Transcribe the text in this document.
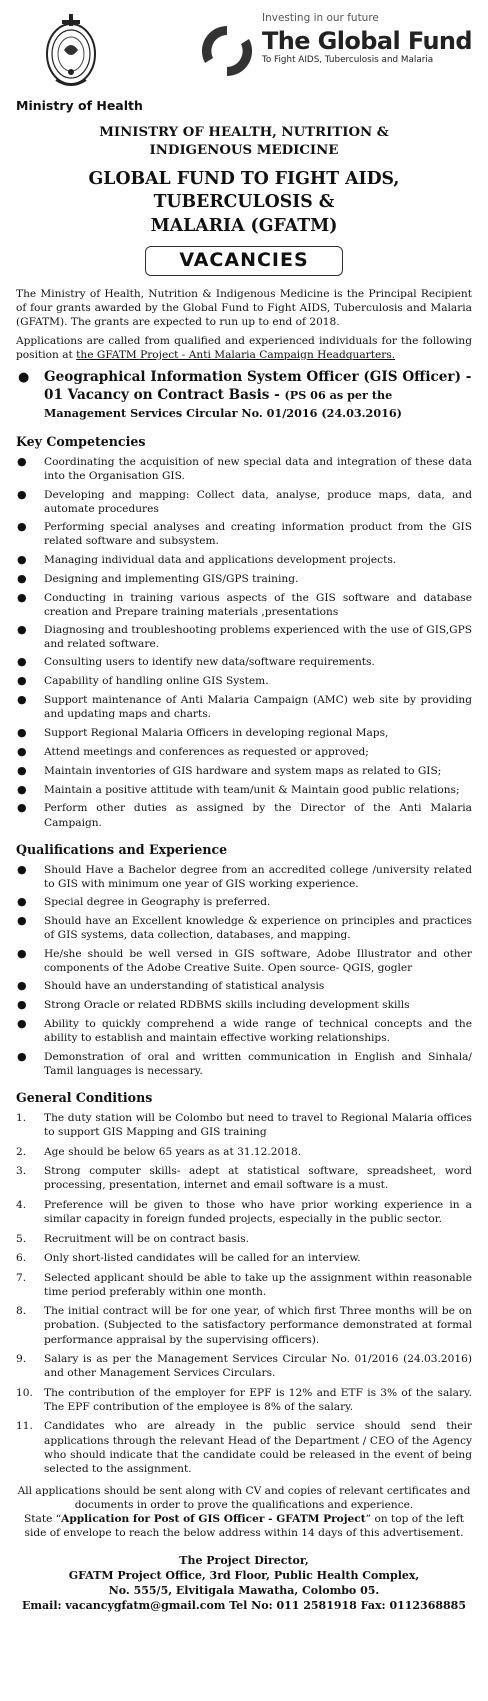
Ministry of Health
Investing in our future
The Global Fund
To Fight AIDS, Tuberculosis and Malaria
MINISTRY OF HEALTH, NUTRITION &
INDIGENOUS MEDICINE
GLOBAL FUND TO FIGHT AIDS, TUBERCULOSIS &
MALARIA (GFATM)
VACANCIES

The Ministry of Health, Nutrition & Indigenous Medicine is the Principal Recipient of four grants awarded by the Global Fund to Fight AIDS, Tuberculosis and Malaria (GFATM). The grants are expected to run up to end of 2018.

Applications are called from qualified and experienced individuals for the following position at the GFATM Project - Anti Malaria Campaign Headquarters.

●	Geographical Information System Officer (GIS Officer) - 01 Vacancy on Contract Basis - (PS 06 as per the Management Services Circular No. 01/2016 (24.03.2016)
Key Competencies
●	Coordinating the acquisition of new special data and integration of these data into the Organisation GIS.
●	Developing and mapping: Collect data, analyse, produce maps, data, and automate procedures
●	Performing special analyses and creating information product from the GIS related software and subsystem.
●	Managing individual data and applications development projects.
●	Designing and implementing GIS/GPS training.
●	Conducting in training various aspects of the GIS software and database creation and Prepare training materials ,presentations
●	Diagnosing and troubleshooting problems experienced with the use of GIS,GPS and related software.
●	Consulting users to identify new data/software requirements.
●	Capability of handling online GIS System.
●	Support maintenance of Anti Malaria Campaign (AMC) web site by providing and updating maps and charts.
●	Support Regional Malaria Officers in developing regional Maps,
●	Attend meetings and conferences as requested or approved;
●	Maintain inventories of GIS hardware and system maps as related to GIS;
●	Maintain a positive attitude with team/unit & Maintain good public relations;
●	Perform other duties as assigned by the Director of the Anti Malaria Campaign.
Qualifications and Experience
●	Should Have a Bachelor degree from an accredited college /university related to GIS with minimum one year of GIS working experience.
●	Special degree in Geography is preferred.
●	Should have an Excellent knowledge & experience on principles and practices of GIS systems, data collection, databases, and mapping.
●	He/she should be well versed in GIS software, Adobe Illustrator and other components of the Adobe Creative Suite. Open source- QGIS, gogler
●	Should have an understanding of statistical analysis
●	Strong Oracle or related RDBMS skills including development skills
●	Ability to quickly comprehend a wide range of technical concepts and the ability to establish and maintain effective working relationships.
●	Demonstration of oral and written communication in English and Sinhala/ Tamil languages is necessary.
General Conditions
1.	The duty station will be Colombo but need to travel to Regional Malaria offices to support GIS Mapping and GIS training
2.	Age should be below 65 years as at 31.12.2018.
3.	Strong computer skills- adept at statistical software, spreadsheet, word processing, presentation, internet and email software is a must.
4.	Preference will be given to those who have prior working experience in a similar capacity in foreign funded projects, especially in the public sector.
5.	Recruitment will be on contract basis.
6.	Only short-listed candidates will be called for an interview.
7.	Selected applicant should be able to take up the assignment within reasonable time period preferably within one month.
8.	The initial contract will be for one year, of which first Three months will be on probation. (Subjected to the satisfactory performance demonstrated at formal performance appraisal by the supervising officers).
9.	Salary is as per the Management Services Circular No. 01/2016 (24.03.2016) and other Management Services Circulars.
10.	The contribution of the employer for EPF is 12% and ETF is 3% of the salary. The EPF contribution of the employee is 8% of the salary.
11.	Candidates who are already in the public service should send their applications through the relevant Head of the Department / CEO of the Agency who should indicate that the candidate could be released in the event of being selected to the assignment.
All applications should be sent along with CV and copies of relevant certificates and documents in order to prove the qualifications and experience.
State “Application for Post of GIS Officer - GFATM Project” on top of the left side of envelope to reach the below address within 14 days of this advertisement.
The Project Director,
GFATM Project Office, 3rd Floor, Public Health Complex,
No. 555/5, Elvitigala Mawatha, Colombo 05.
Email: vacancygfatm@gmail.com Tel No: 011 2581918 Fax: 0112368885
